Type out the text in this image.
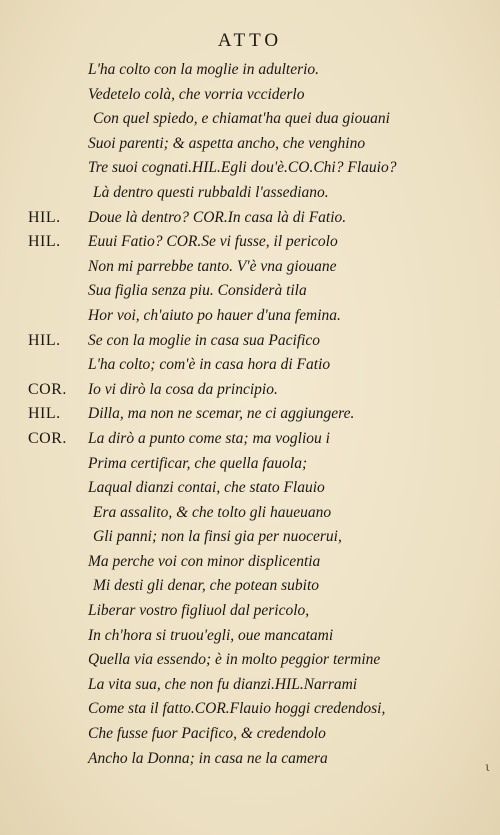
ATTO
L'ha colto con la moglie in adulterio.
Vedetelo colà, che vorria vcciderlo
Con quel spiedo, e chiamat'ha quei dua giouani
Suoi parenti; & aspetta ancho, che venghino
Tre suoi cognati.HIL.Egli dou'è.CO.Chi? Flauio?
Là dentro questi rubbaldi l'assediano.
HIL. Doue là dentro? COR.In casa là di Fatio.
HIL. Euui Fatio? COR.Se vi fusse, il pericolo
Non mi parrebbe tanto. V'è vna giouane
Sua figlia senza piu. Considerà tila
Hor voi, ch'aiuto po hauer d'una femina.
HIL. Se con la moglie in casa sua Pacifico
L'ha colto; com'è in casa hora di Fatio
COR. Io vi dirò la cosa da principio.
HIL. Dilla, ma non ne scemar, ne ci aggiungere.
COR. La dirò a punto come sta; ma vogliou i
Prima certificar, che quella fauola;
Laqual dianzi contai, che stato Flauio
Era assalito, & che tolto gli haueuano
Gli panni; non la finsi gia per nuocerui,
Ma perche voi con minor displicentia
Mi desti gli denar, che potean subito
Liberar vostro figliuol dal pericolo,
In ch'hora si truou'egli, oue mancatami
Quella via essendo; è in molto peggior termine
La vita sua, che non fu dianzi.HIL.Narrami
Come sta il fatto.COR.Flauio hoggi credendosi,
Che fusse fuor Pacifico, & credendolo
Ancho la Donna; in casa ne la camera
ι
